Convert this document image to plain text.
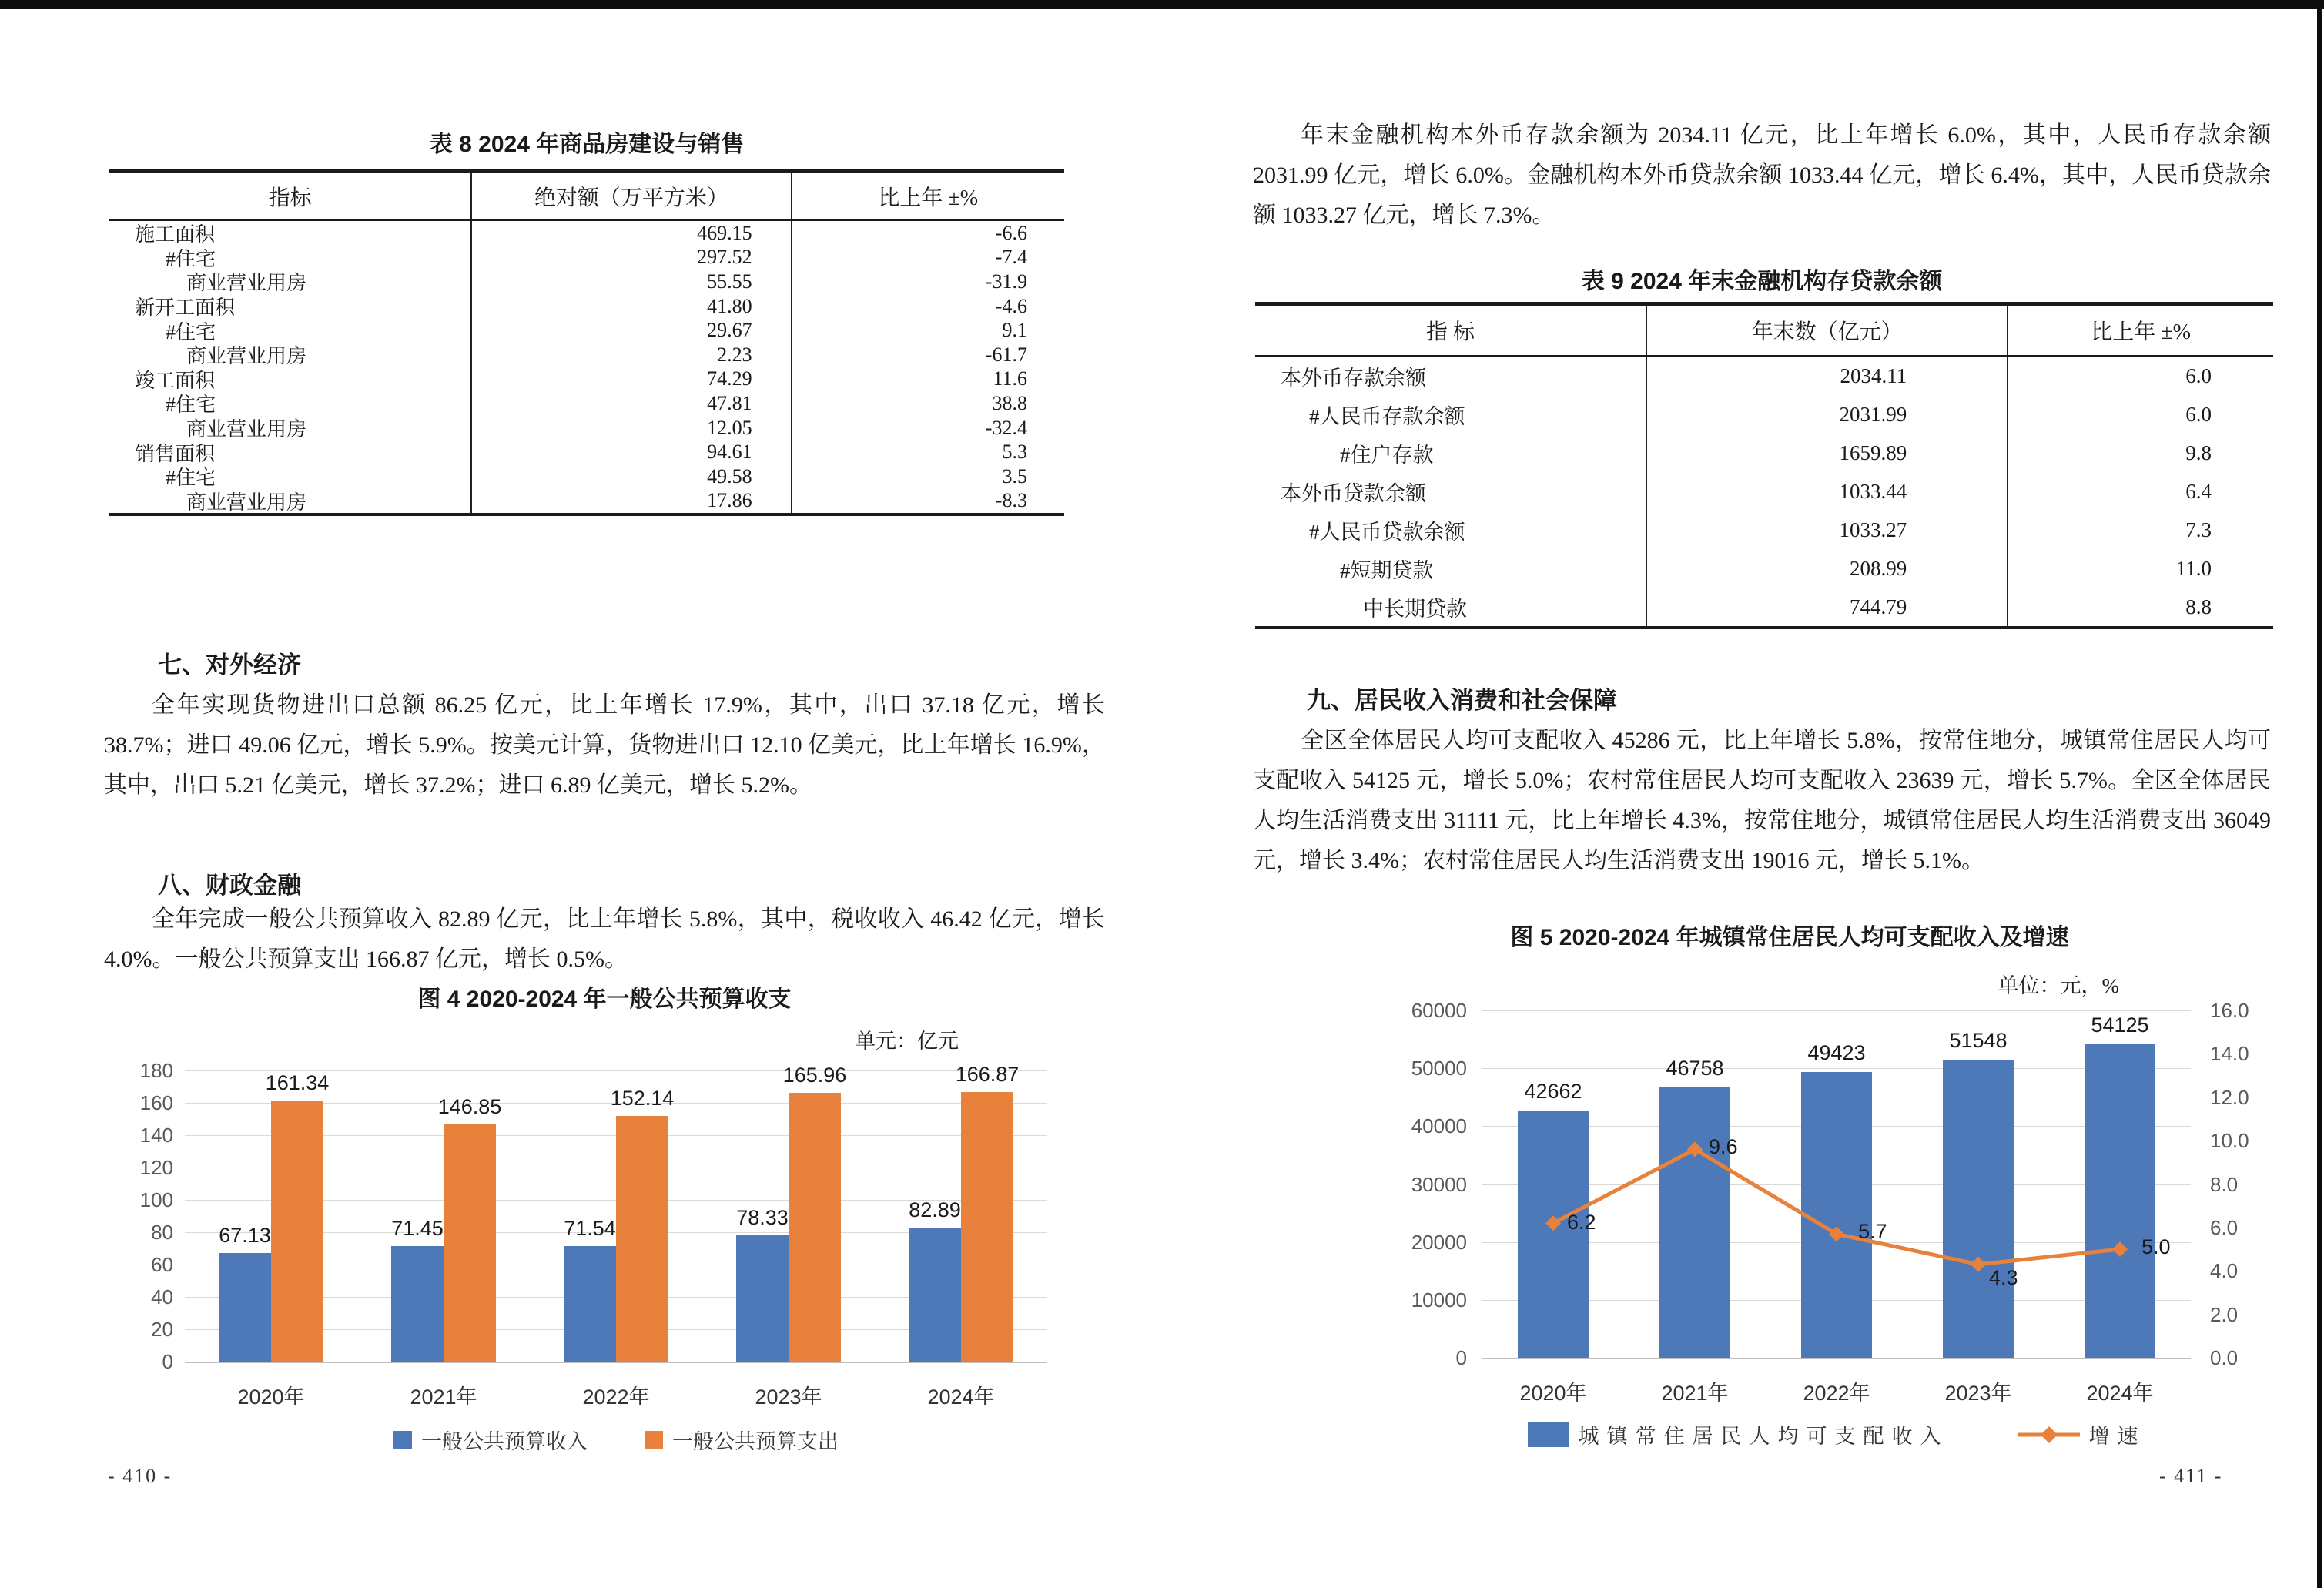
表 8 2024 年商品房建设与销售
指标	绝对额（万平方米）	比上年 ±%
施工面积	469.15	-6.6
#住宅	297.52	-7.4
商业营业用房	55.55	-31.9
新开工面积	41.80	-4.6
#住宅	29.67	9.1
商业营业用房	2.23	-61.7
竣工面积	74.29	11.6
#住宅	47.81	38.8
商业营业用房	12.05	-32.4
销售面积	94.61	5.3
#住宅	49.58	3.5
商业营业用房	17.86	-8.3
七、对外经济
全年实现货物进出口总额 86.25 亿元，比上年增长 17.9%，其中，出口 37.18 亿元，增长 38.7%；进口 49.06 亿元，增长 5.9%。按美元计算，货物进出口 12.10 亿美元，比上年增长 16.9%，其中，出口 5.21 亿美元，增长 37.2%；进口 6.89 亿美元，增长 5.2%。
八、财政金融
全年完成一般公共预算收入 82.89 亿元，比上年增长 5.8%，其中，税收收入 46.42 亿元，增长 4.0%。一般公共预算支出 166.87 亿元，增长 0.5%。
图 4 2020-2024 年一般公共预算收支
单元：亿元
0
20
40
60
80
100
120
140
160
180
67.13
161.34
2020年
71.45
146.85
2021年
71.54
152.14
2022年
78.33
165.96
2023年
82.89
166.87
2024年
一般公共预算收入	一般公共预算支出
- 410 -
年末金融机构本外币存款余额为 2034.11 亿元，比上年增长 6.0%，其中，人民币存款余额 2031.99 亿元，增长 6.0%。金融机构本外币贷款余额 1033.44 亿元，增长 6.4%，其中，人民币贷款余额 1033.27 亿元，增长 7.3%。
表 9 2024 年末金融机构存贷款余额
指 标	年末数（亿元）	比上年 ±%
本外币存款余额	2034.11	6.0
#人民币存款余额	2031.99	6.0
#住户存款	1659.89	9.8
本外币贷款余额	1033.44	6.4
#人民币贷款余额	1033.27	7.3
#短期贷款	208.99	11.0
中长期贷款	744.79	8.8
九、居民收入消费和社会保障
全区全体居民人均可支配收入 45286 元，比上年增长 5.8%，按常住地分，城镇常住居民人均可支配收入 54125 元，增长 5.0%；农村常住居民人均可支配收入 23639 元，增长 5.7%。全区全体居民人均生活消费支出 31111 元，比上年增长 4.3%，按常住地分，城镇常住居民人均生活消费支出 36049 元，增长 3.4%；农村常住居民人均生活消费支出 19016 元，增长 5.1%。
图 5 2020-2024 年城镇常住居民人均可支配收入及增速
单位：元，%
0
10000
20000
30000
40000
50000
60000
0.0
2.0
4.0
6.0
8.0
10.0
12.0
14.0
16.0
42662
2020年
46758
2021年
49423
2022年
51548
2023年
54125
2024年
6.2
9.6
5.7
4.3
5.0
城镇常住居民人均可支配收入	增速
- 411 -
